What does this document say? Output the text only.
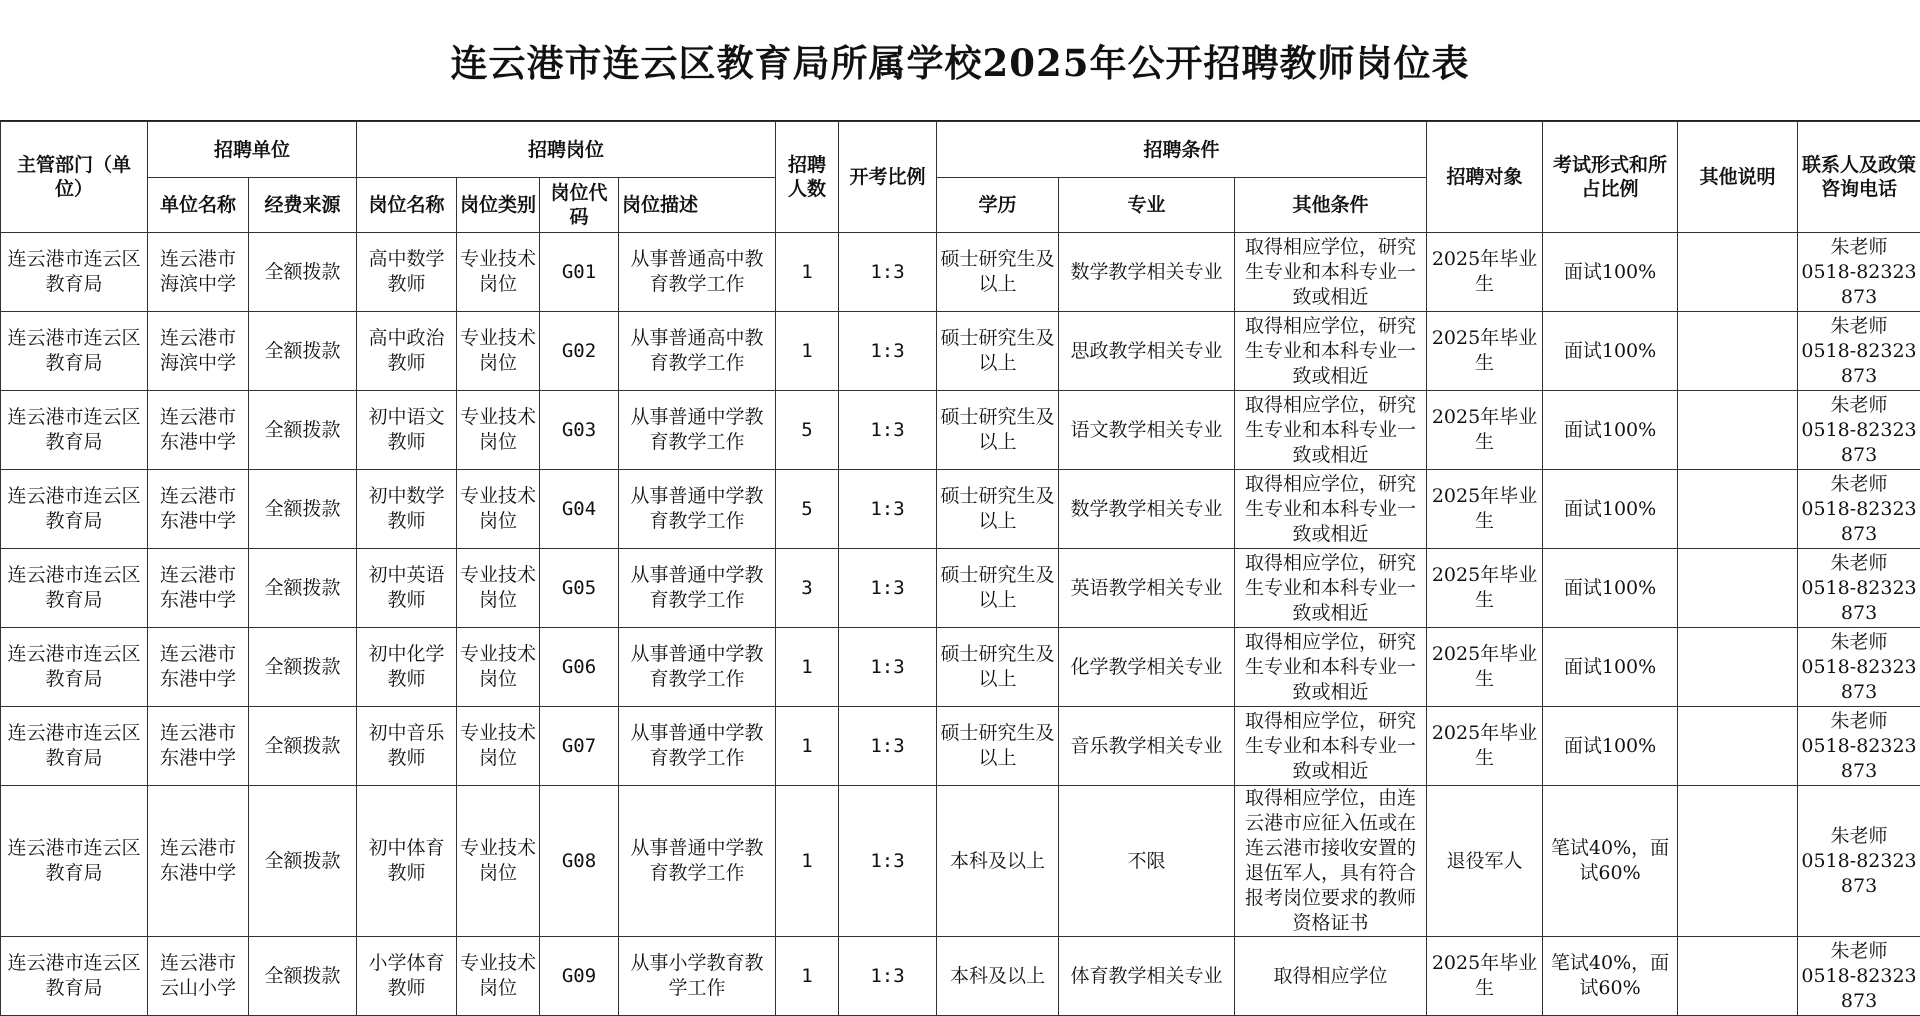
连云港市连云区教育局所属学校2025年公开招聘教师岗位表
主管部门（单位）	招聘单位		招聘岗位				招聘人数	开考比例	招聘条件			招聘对象	考试形式和所占比例	其他说明	联系人及政策咨询电话
	单位名称	经费来源	岗位名称	岗位类别	岗位代码	岗位描述			学历	专业	其他条件				
连云港市连云区教育局	连云港市海滨中学	全额拨款	高中数学教师	专业技术岗位	G01	从事普通高中教育教学工作	1	1:3	硕士研究生及以上	数学教学相关专业	取得相应学位，研究生专业和本科专业一致或相近	2025年毕业生	面试100%		朱老师
0518-82323873
连云港市连云区教育局	连云港市海滨中学	全额拨款	高中政治教师	专业技术岗位	G02	从事普通高中教育教学工作	1	1:3	硕士研究生及以上	思政教学相关专业	取得相应学位，研究生专业和本科专业一致或相近	2025年毕业生	面试100%		朱老师
0518-82323873
连云港市连云区教育局	连云港市东港中学	全额拨款	初中语文教师	专业技术岗位	G03	从事普通中学教育教学工作	5	1:3	硕士研究生及以上	语文教学相关专业	取得相应学位，研究生专业和本科专业一致或相近	2025年毕业生	面试100%		朱老师
0518-82323873
连云港市连云区教育局	连云港市东港中学	全额拨款	初中数学教师	专业技术岗位	G04	从事普通中学教育教学工作	5	1:3	硕士研究生及以上	数学教学相关专业	取得相应学位，研究生专业和本科专业一致或相近	2025年毕业生	面试100%		朱老师
0518-82323873
连云港市连云区教育局	连云港市东港中学	全额拨款	初中英语教师	专业技术岗位	G05	从事普通中学教育教学工作	3	1:3	硕士研究生及以上	英语教学相关专业	取得相应学位，研究生专业和本科专业一致或相近	2025年毕业生	面试100%		朱老师
0518-82323873
连云港市连云区教育局	连云港市东港中学	全额拨款	初中化学教师	专业技术岗位	G06	从事普通中学教育教学工作	1	1:3	硕士研究生及以上	化学教学相关专业	取得相应学位，研究生专业和本科专业一致或相近	2025年毕业生	面试100%		朱老师
0518-82323873
连云港市连云区教育局	连云港市东港中学	全额拨款	初中音乐教师	专业技术岗位	G07	从事普通中学教育教学工作	1	1:3	硕士研究生及以上	音乐教学相关专业	取得相应学位，研究生专业和本科专业一致或相近	2025年毕业生	面试100%		朱老师
0518-82323873
连云港市连云区教育局	连云港市东港中学	全额拨款	初中体育教师	专业技术岗位	G08	从事普通中学教育教学工作	1	1:3	本科及以上	不限	取得相应学位，由连云港市应征入伍或在连云港市接收安置的退伍军人，具有符合报考岗位要求的教师资格证书	退役军人	笔试40%，面试60%		朱老师
0518-82323873
连云港市连云区教育局	连云港市云山小学	全额拨款	小学体育教师	专业技术岗位	G09	从事小学教育教学工作	1	1:3	本科及以上	体育教学相关专业	取得相应学位	2025年毕业生	笔试40%，面试60%		朱老师
0518-82323873
